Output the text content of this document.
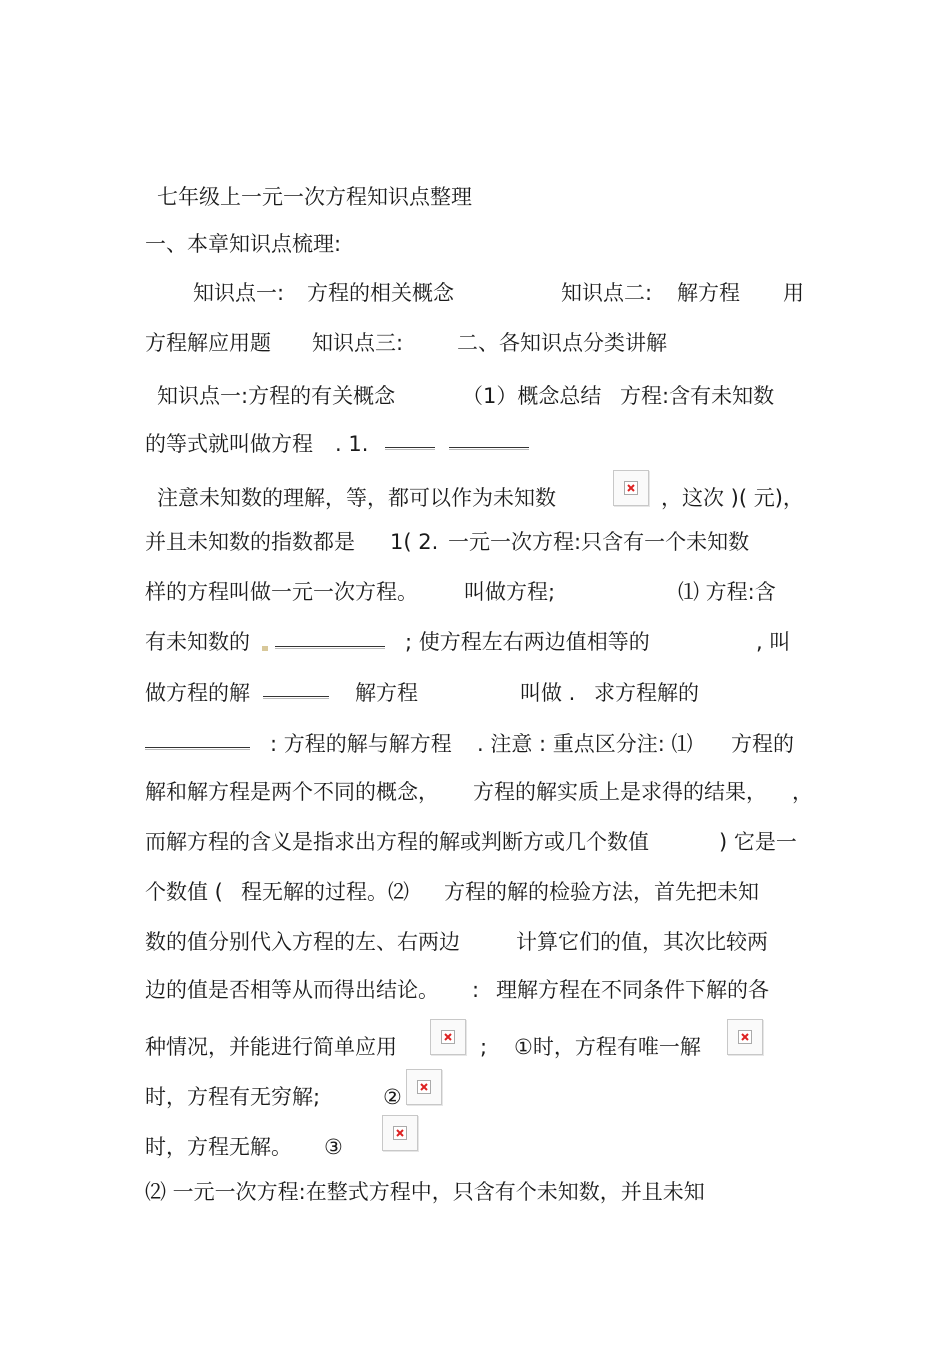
七年级上一元一次方程知识点整理
一、本章知识点梳理:
知识点一: 方程的相关概念	知识点二: 解方程 用
方程解应用题 知识点三:	二、各知识点分类讲解
知识点一:方程的有关概念	（1）概念总结 方程:含有未知数
的等式就叫做方程 . 1.
注意未知数的理解，等，都可以作为未知数	，这次 )( 元)，
并且未知数的指数都是 1( 2. 一元一次方程:只含有一个未知数
样的方程叫做一元一次方程。 叫做方程;	⑴ 方程:含
有未知数的	; 使方程左右两边值相等的	, 叫
做方程的解	解方程	叫做 . 求方程解的
: 方程的解与解方程 . 注意 : 重点区分注: ⑴ 方程的
解和解方程是两个不同的概念， 方程的解实质上是求得的结果， ，
而解方程的含义是指求出方程的解或判断方或几个数值	) 它是一
个数值 ( 程无解的过程。⑵ 方程的解的检验方法，首先把未知
数的值分别代入方程的左、右两边	计算它们的值，其次比较两
边的值是否相等从而得出结论。 : 理解方程在不同条件下解的各
种情况，并能进行简单应用	; ①时，方程有唯一解
时，方程有无穷解;	②
时，方程无解。 ③
⑵ 一元一次方程:在整式方程中，只含有个未知数，并且未知
